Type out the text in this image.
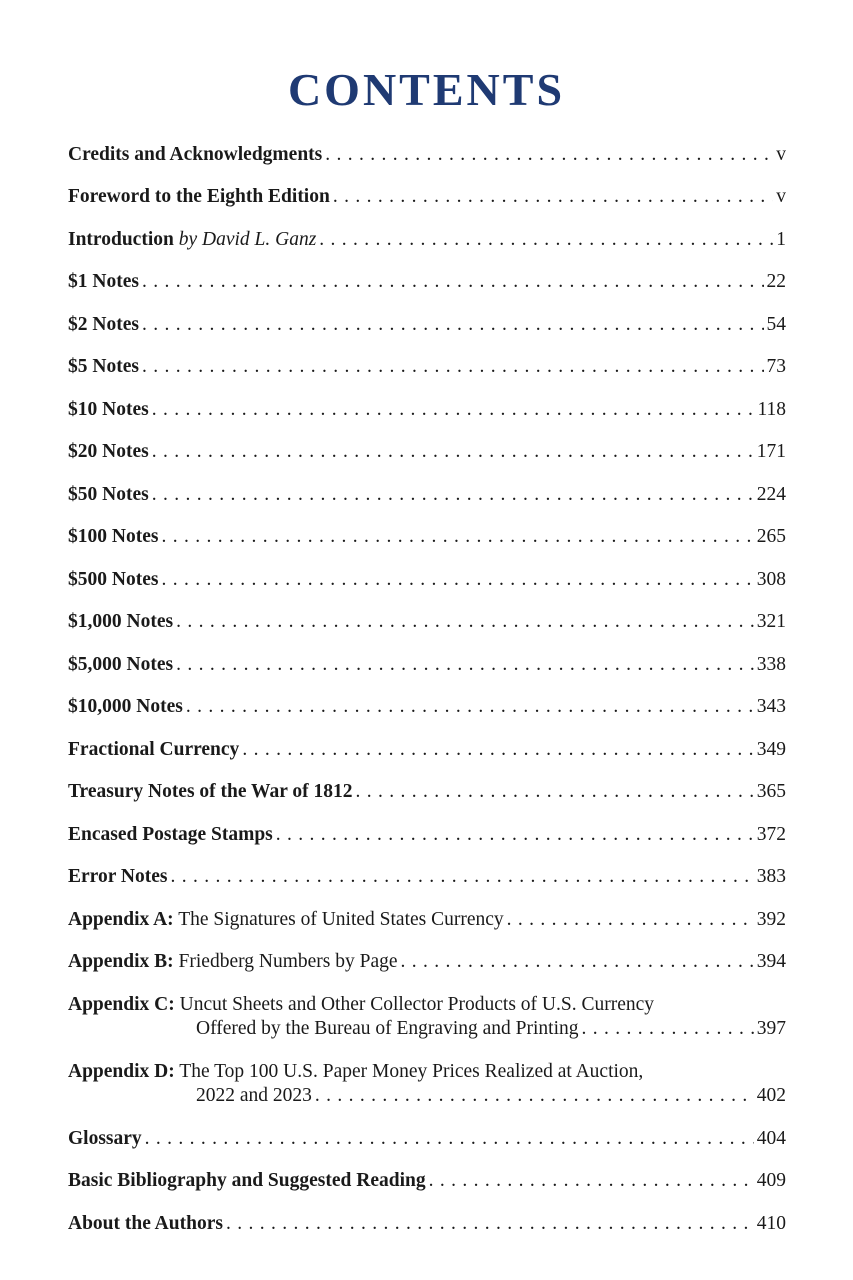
CONTENTS
Credits and Acknowledgments . . .	v
Foreword to the Eighth Edition . . .	v
Introduction by David L. Ganz . . .	1
$1 Notes . . .	22
$2 Notes . . .	54
$5 Notes . . .	73
$10 Notes . . .	118
$20 Notes . . .	171
$50 Notes . . .	224
$100 Notes . . .	265
$500 Notes . . .	308
$1,000 Notes . . .	321
$5,000 Notes . . .	338
$10,000 Notes . . .	343
Fractional Currency . . .	349
Treasury Notes of the War of 1812 . . .	365
Encased Postage Stamps . . .	372
Error Notes . . .	383
Appendix A: The Signatures of United States Currency . . .	392
Appendix B: Friedberg Numbers by Page . . .	394
Appendix C: Uncut Sheets and Other Collector Products of U.S. Currency
Offered by the Bureau of Engraving and Printing . . .	397
Appendix D: The Top 100 U.S. Paper Money Prices Realized at Auction,
2022 and 2023 . . .	402
Glossary . . .	404
Basic Bibliography and Suggested Reading . . .	409
About the Authors . . .	410
